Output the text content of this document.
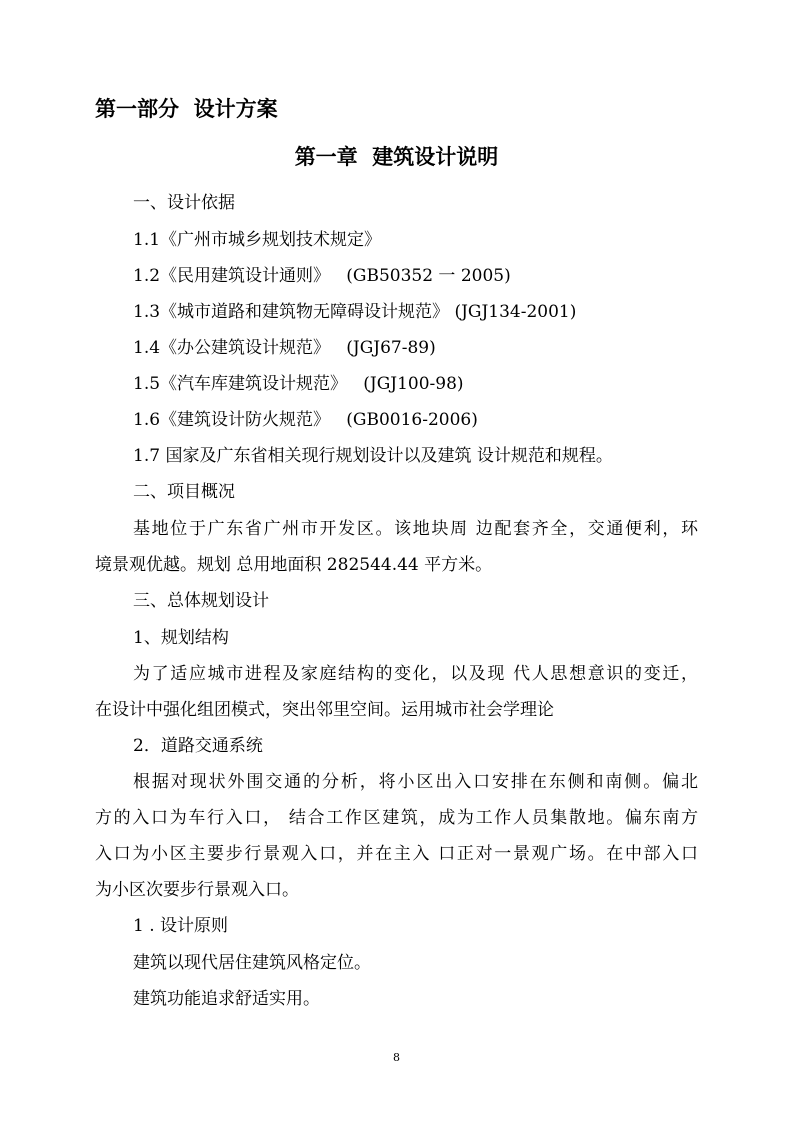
第一部分  设计方案
第一章  建筑设计说明

一、设计依据

1.1《广州市城乡规划技术规定》

1.2《民用建筑设计通则》   (GB50352 一 2005)

1.3《城市道路和建筑物无障碍设计规范》 (JGJ134-2001)

1.4《办公建筑设计规范》   (JGJ67-89)

1.5《汽车库建筑设计规范》   (JGJ100-98)

1.6《建筑设计防火规范》   (GB0016-2006)

1.7 国家及广东省相关现行规划设计以及建筑 设计规范和规程。

二、项目概况

基地位于广东省广州市开发区。该地块周 边配套齐全，交通便利，环

境景观优越。规划 总用地面积 282544.44 平方米。

三、总体规划设计

1、规划结构

为了适应城市进程及家庭结构的变化，以及现 代人思想意识的变迁，

在设计中强化组团模式，突出邻里空间。运用城市社会学理论

2．道路交通系统

根据对现状外围交通的分析，将小区出入口安排在东侧和南侧。偏北

方的入口为车行入口， 结合工作区建筑，成为工作人员集散地。偏东南方

入口为小区主要步行景观入口，并在主入 口正对一景观广场。在中部入口

为小区次要步行景观入口。

1 . 设计原则

建筑以现代居住建筑风格定位。

建筑功能追求舒适实用。

8
